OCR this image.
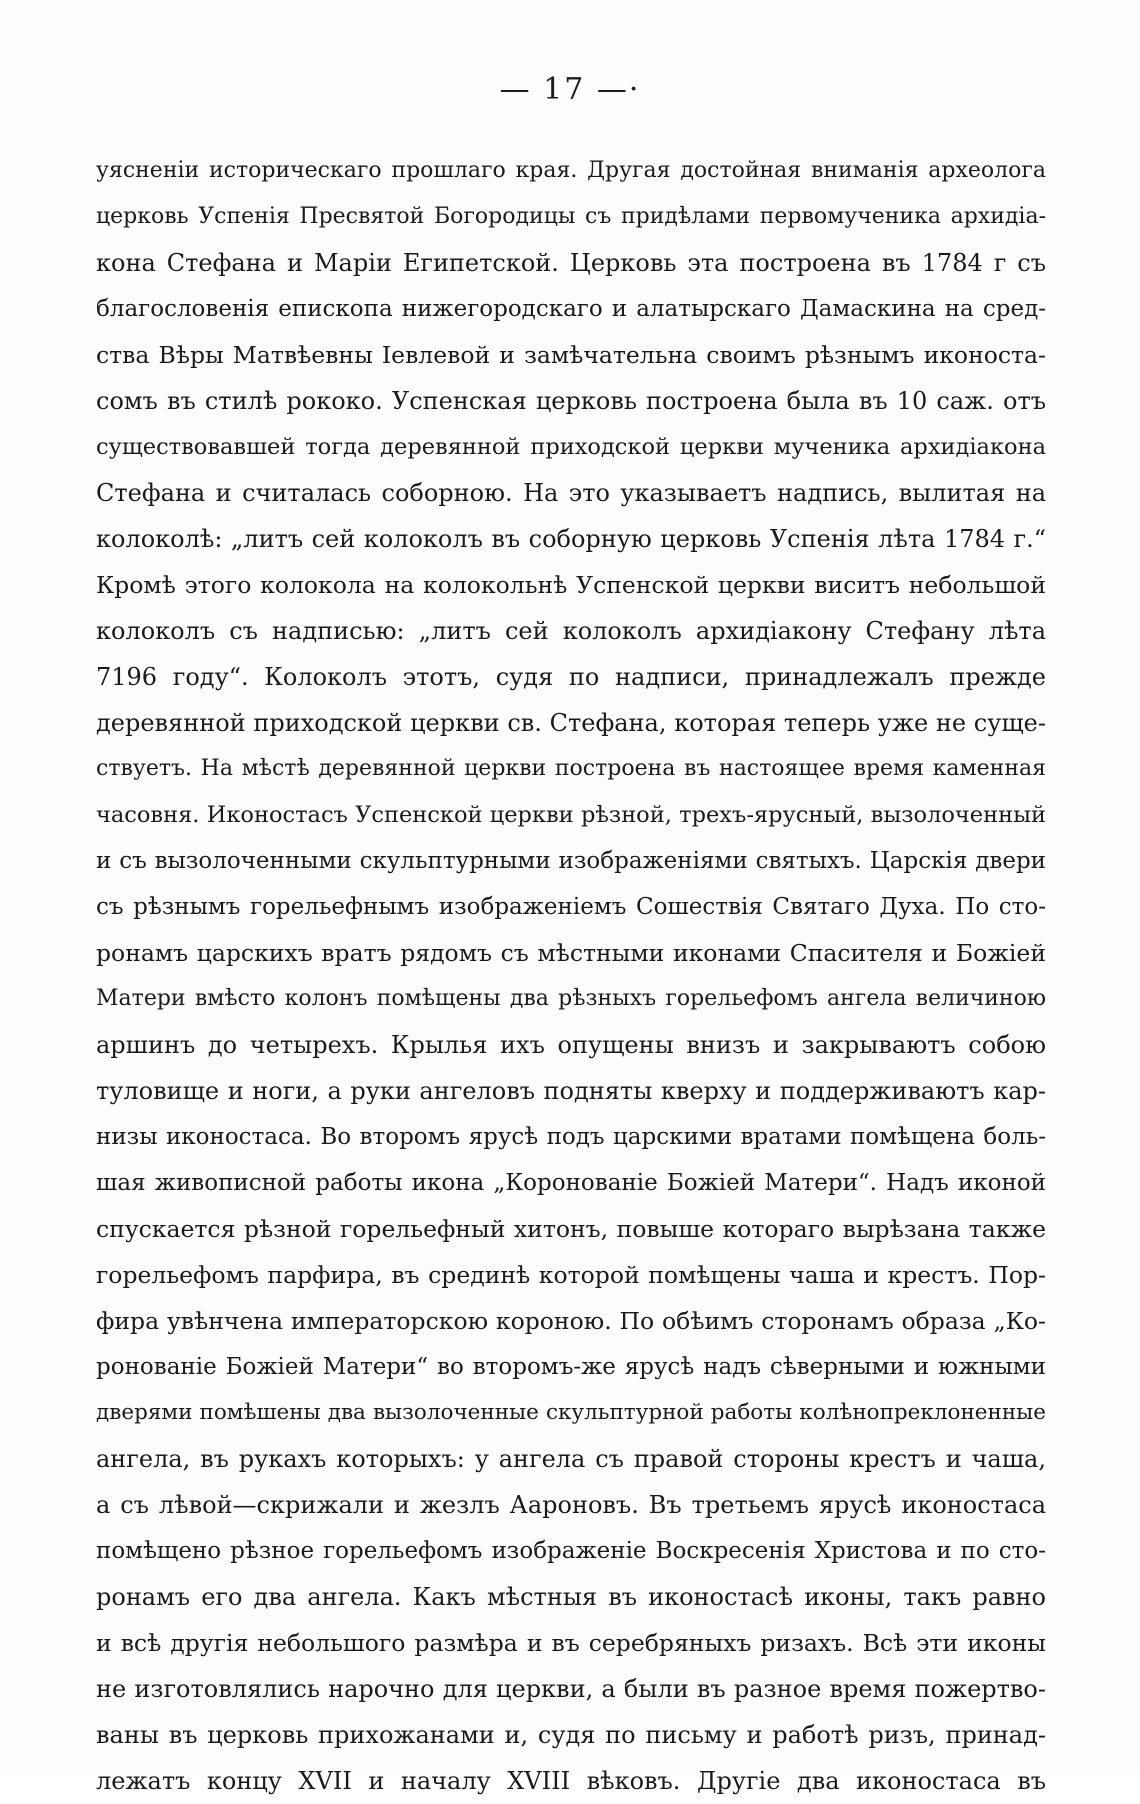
— 17 —·
уясненіи историческаго прошлаго края. Другая достойная вниманія археолога
церковь Успенія Пресвятой Богородицы съ придѣлами первомученика архидіа-
кона Стефана и Маріи Египетской. Церковь эта построена въ 1784 г съ
благословенія епископа нижегородскаго и алатырскаго Дамаскина на сред-
ства Вѣры Матвѣевны Іевлевой и замѣчательна своимъ рѣзнымъ иконоста-
сомъ въ стилѣ рококо. Успенская церковь построена была въ 10 саж. отъ
существовавшей тогда деревянной приходской церкви мученика архидіакона
Стефана и считалась соборною. На это указываетъ надпись, вылитая на
колоколѣ: „литъ сей колоколъ въ соборную церковь Успенія лѣта 1784 г.“
Кромѣ этого колокола на колокольнѣ Успенской церкви виситъ небольшой
колоколъ съ надписью: „литъ сей колоколъ архидіакону Стефану лѣта
7196 году“. Колоколъ этотъ, судя по надписи, принадлежалъ прежде
деревянной приходской церкви св. Стефана, которая теперь уже не суще-
ствуетъ. На мѣстѣ деревянной церкви построена въ настоящее время каменная
часовня. Иконостасъ Успенской церкви рѣзной, трехъ-ярусный, вызолоченный
и съ вызолоченными скульптурными изображеніями святыхъ. Царскія двери
съ рѣзнымъ горельефнымъ изображеніемъ Сошествія Святаго Духа. По сто-
ронамъ царскихъ вратъ рядомъ съ мѣстными иконами Спасителя и Божіей
Матери вмѣсто колонъ помѣщены два рѣзныхъ горельефомъ ангела величиною
аршинъ до четырехъ. Крылья ихъ опущены внизъ и закрываютъ собою
туловище и ноги, а руки ангеловъ подняты кверху и поддерживаютъ кар-
низы иконостаса. Во второмъ ярусѣ подъ царскими вратами помѣщена боль-
шая живописной работы икона „Коронованіе Божіей Матери“. Надъ иконой
спускается рѣзной горельефный хитонъ, повыше котораго вырѣзана также
горельефомъ парфира, въ срединѣ которой помѣщены чаша и крестъ. Пор-
фира увѣнчена императорскою короною. По обѣимъ сторонамъ образа „Ко-
ронованіе Божіей Матери“ во второмъ-же ярусѣ надъ сѣверными и южными
дверями помѣшены два вызолоченные скульптурной работы колѣнопреклоненные
ангела, въ рукахъ которыхъ: у ангела съ правой стороны крестъ и чаша,
а съ лѣвой—скрижали и жезлъ Аароновъ. Въ третьемъ ярусѣ иконостаса
помѣщено рѣзное горельефомъ изображеніе Воскресенія Христова и по сто-
ронамъ его два ангела. Какъ мѣстныя въ иконостасѣ иконы, такъ равно
и всѣ другія небольшого размѣра и въ серебряныхъ ризахъ. Всѣ эти иконы
не изготовлялись нарочно для церкви, а были въ разное время пожертво-
ваны въ церковь прихожанами и, судя по письму и работѣ ризъ, принад-
лежатъ концу XVII и началу XVIII вѣковъ. Другіе два иконостаса въ
